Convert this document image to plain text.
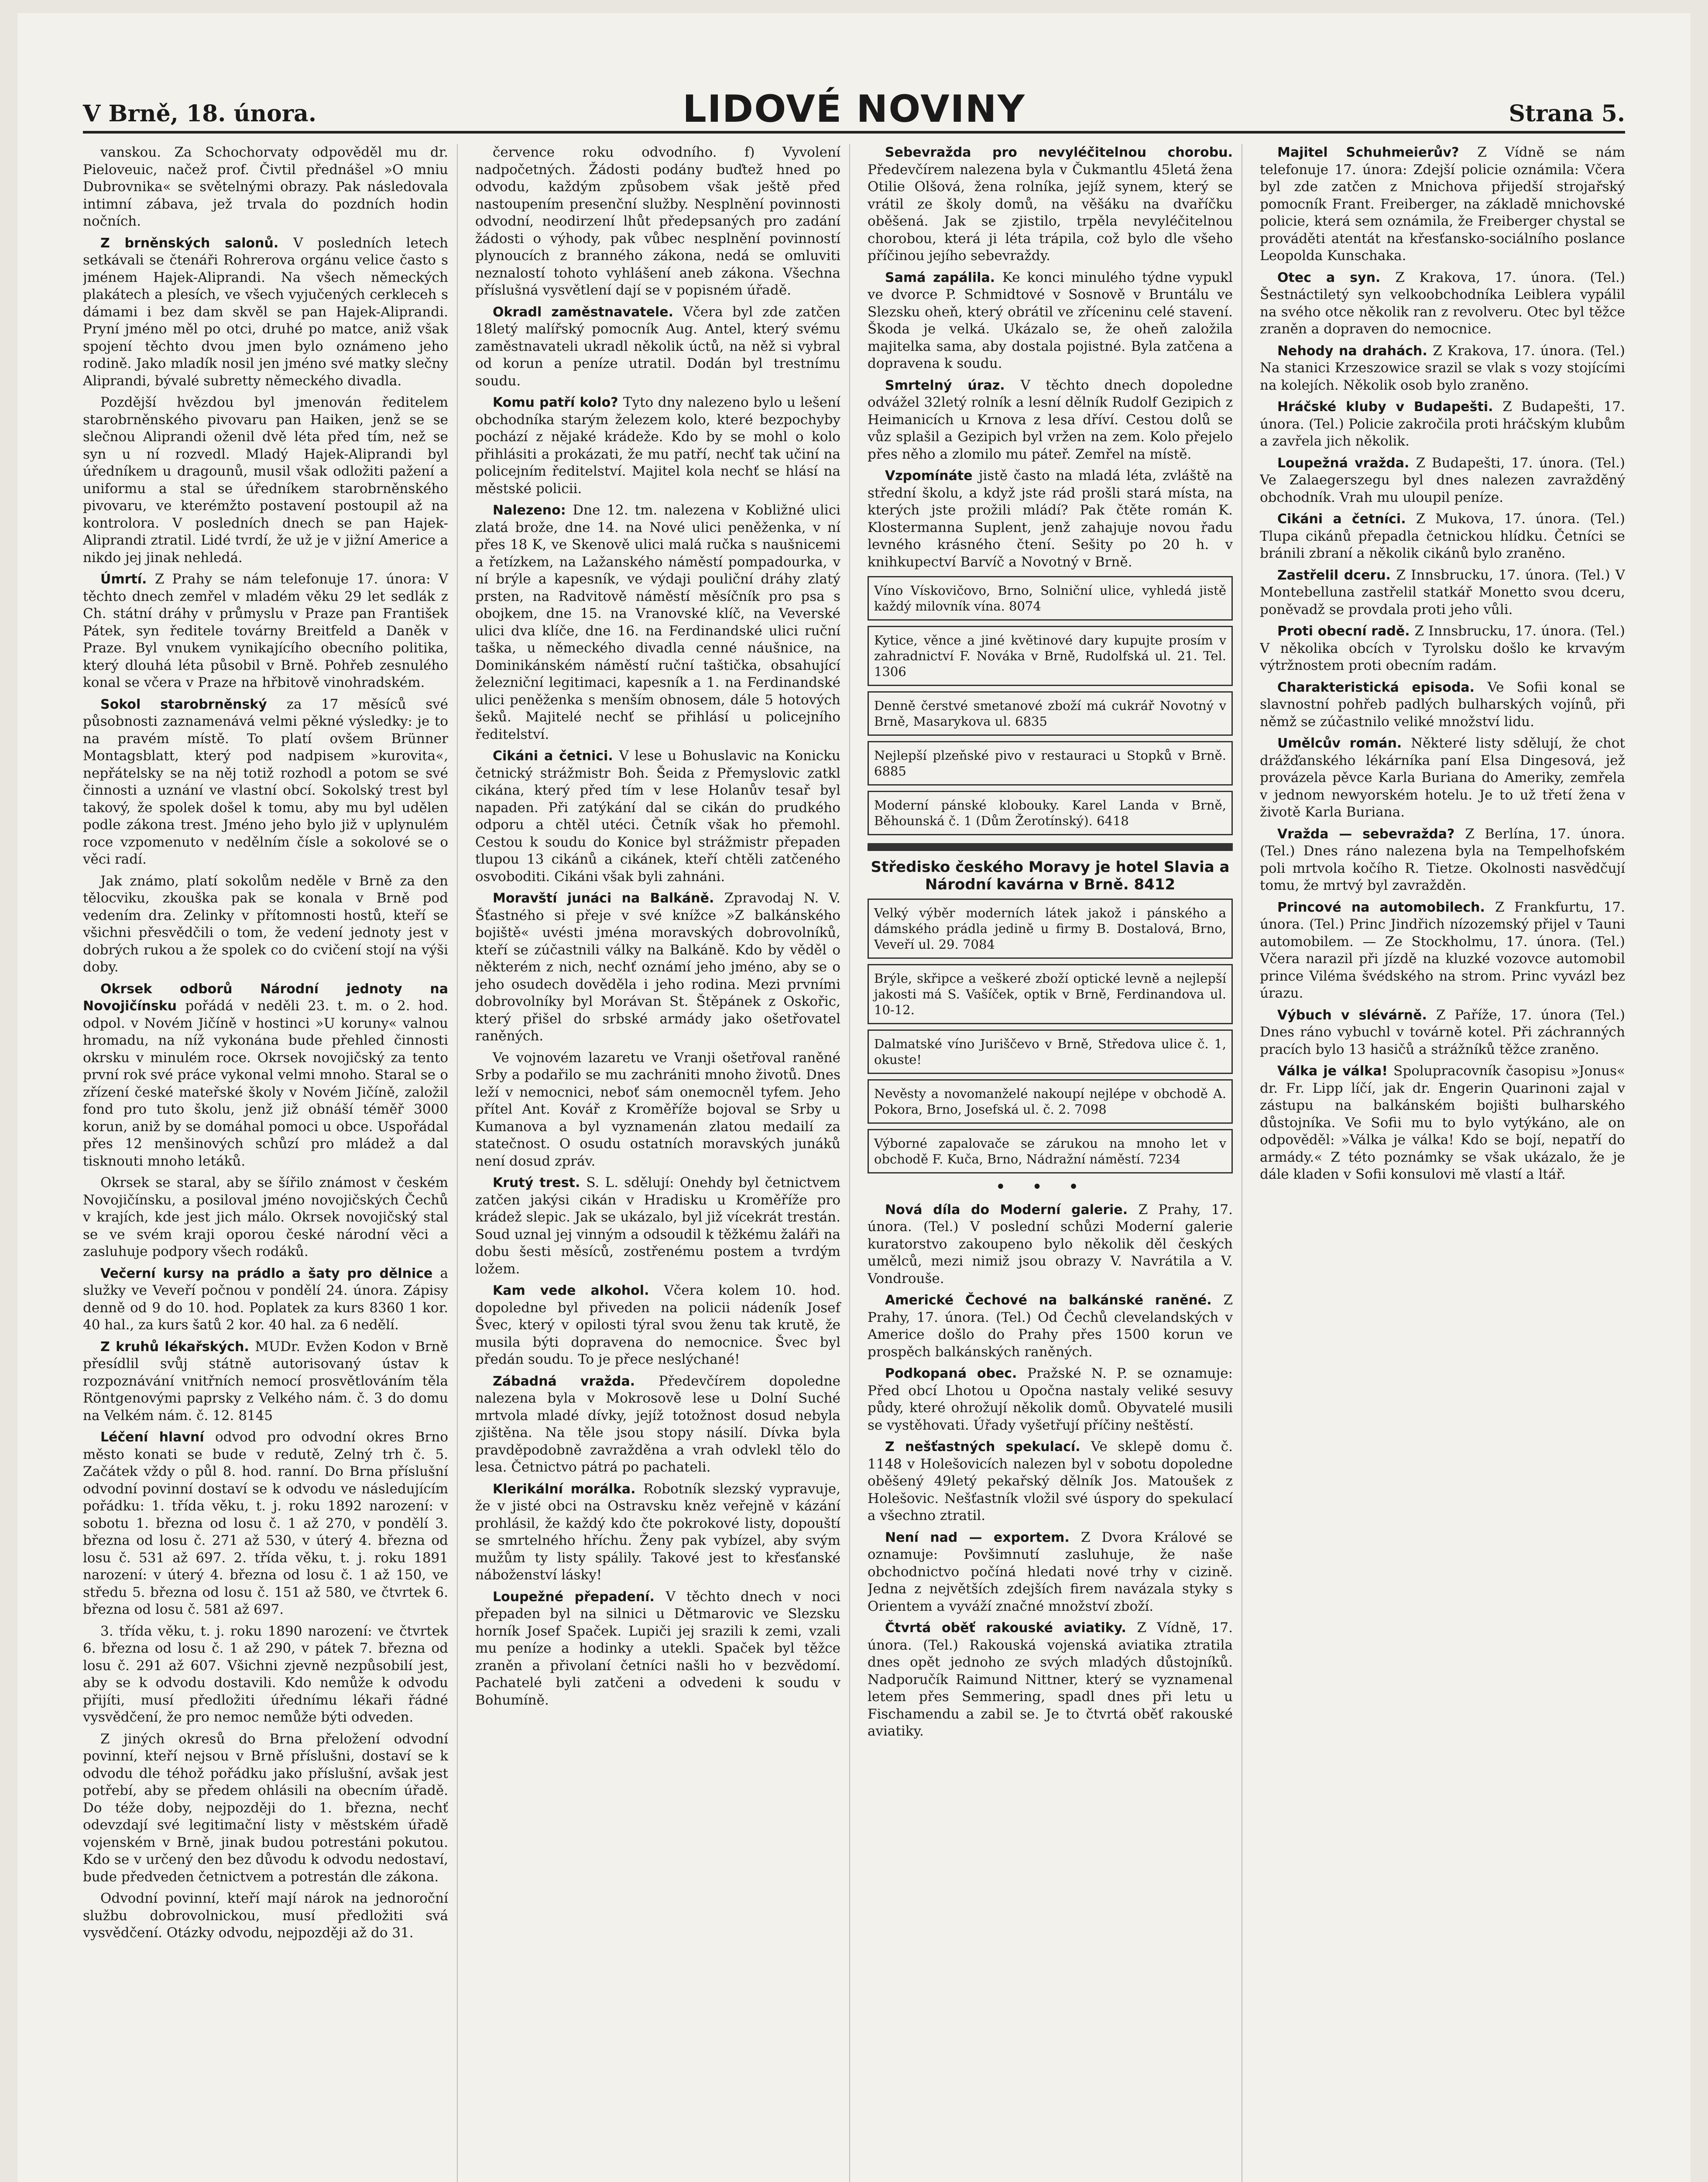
V Brně, 18. února.	LIDOVÉ NOVINY	Strana 5.

vanskou. Za Schochorvaty odpověděl mu dr. Pieloveuic, načež prof. Čivtil přednášel »O mniu Dubrovnika« se světelnými obrazy. Pak následovala intimní zábava, jež trvala do pozdních hodin nočních.

Z brněnských salonů. V posledních letech setkávali se čtenáři Rohrerova orgánu velice často s jménem Hajek-Aliprandi. Na všech německých plakátech a plesích, ve všech vyjučených cerkleceh s dámami i bez dam skvěl se pan Hajek-Aliprandi. Pryní jméno měl po otci, druhé po matce, aniž však spojení těchto dvou jmen bylo oznámeno jeho rodině. Jako mladík nosil jen jméno své matky slečny Aliprandi, bývalé subretty německého divadla.

Pozdější hvězdou byl jmenován ředitelem starobrněnského pivovaru pan Haiken, jenž se se slečnou Aliprandi oženil dvě léta před tím, než se syn u ní rozvedl. Mladý Hajek-Aliprandi byl úředníkem u dragounů, musil však odložiti pažení a uniformu a stal se úředníkem starobrněnského pivovaru, ve kterémžto postavení postoupil až na kontrolora. V posledních dnech se pan Hajek-Aliprandi ztratil. Lidé tvrdí, že už je v jižní Americe a nikdo jej jinak nehledá.

Úmrtí. Z Prahy se nám telefonuje 17. února: V těchto dnech zemřel v mladém věku 29 let sedlák z Ch. státní dráhy v průmyslu v Praze pan František Pátek, syn ředitele továrny Breitfeld a Daněk v Praze. Byl vnukem vynikajícího obecního politika, který dlouhá léta působil v Brně. Pohřeb zesnulého konal se včera v Praze na hřbitově vinohradském.

Sokol starobrněnský za 17 měsíců své působnosti zaznamenává velmi pěkné výsledky: je to na pravém místě. To platí ovšem Brünner Montagsblatt, který pod nadpisem »kurovita«, nepřátelsky se na něj totiž rozhodl a potom se své činnosti a uznání ve vlastní obcí. Sokolský trest byl takový, že spolek došel k tomu, aby mu byl udělen podle zákona trest. Jméno jeho bylo již v uplynulém roce vzpomenuto v nedělním čísle a sokolové se o věci radí.

Jak známo, platí sokolům neděle v Brně za den tělocviku, zkouška pak se konala v Brně pod vedením dra. Zelinky v přítomnosti hostů, kteří se všichni přesvědčili o tom, že vedení jednoty jest v dobrých rukou a že spolek co do cvičení stojí na výši doby.

Okrsek odborů Národní jednoty na Novojičínsku pořádá v neděli 23. t. m. o 2. hod. odpol. v Novém Jičíně v hostinci »U koruny« valnou hromadu, na níž vykonána bude přehled činnosti okrsku v minulém roce. Okrsek novojičský za tento první rok své práce vykonal velmi mnoho. Staral se o zřízení české mateřské školy v Novém Jičíně, založil fond pro tuto školu, jenž již obnáší téměř 3000 korun, aniž by se domáhal pomoci u obce. Uspořádal přes 12 menšinových schůzí pro mládež a dal tisknouti mnoho letáků.

Okrsek se staral, aby se šířilo známost v českém Novojičínsku, a posiloval jméno novojičských Čechů v krajích, kde jest jich málo. Okrsek novojičský stal se ve svém kraji oporou české národní věci a zasluhuje podpory všech rodáků.

Večerní kursy na prádlo a šaty pro dělnice a služky ve Veveří počnou v pondělí 24. února. Zápisy denně od 9 do 10. hod. Poplatek za kurs 8360 1 kor. 40 hal., za kurs šatů 2 kor. 40 hal. za 6 nedělí.

Z kruhů lékařských. MUDr. Evžen Kodon v Brně přesídlil svůj státně autorisovaný ústav k rozpoznávání vnitřních nemocí prosvětlováním těla Röntgenovými paprsky z Velkého nám. č. 3 do domu na Velkém nám. č. 12. 8145

Léčení hlavní odvod pro odvodní okres Brno město konati se bude v redutě, Zelný trh č. 5. Začátek vždy o půl 8. hod. ranní. Do Brna příslušní odvodní povinní dostaví se k odvodu ve následujícím pořádku: 1. třída věku, t. j. roku 1892 narození: v sobotu 1. března od losu č. 1 až 270, v pondělí 3. března od losu č. 271 až 530, v úterý 4. března od losu č. 531 až 697. 2. třída věku, t. j. roku 1891 narození: v úterý 4. března od losu č. 1 až 150, ve středu 5. března od losu č. 151 až 580, ve čtvrtek 6. března od losu č. 581 až 697.

3. třída věku, t. j. roku 1890 narození: ve čtvrtek 6. března od losu č. 1 až 290, v pátek 7. března od losu č. 291 až 607. Všichni zjevně nezpůsobilí jest, aby se k odvodu dostavili. Kdo nemůže k odvodu přijíti, musí předložiti úřednímu lékaři řádné vysvědčení, že pro nemoc nemůže býti odveden.

Z jiných okresů do Brna přeložení odvodní povinní, kteří nejsou v Brně příslušni, dostaví se k odvodu dle téhož pořádku jako příslušní, avšak jest potřebí, aby se předem ohlásili na obecním úřadě. Do téže doby, nejpozději do 1. března, nechť odevzdají své legitimační listy v městském úřadě vojenském v Brně, jinak budou potrestáni pokutou. Kdo se v určený den bez důvodu k odvodu nedostaví, bude předveden četnictvem a potrestán dle zákona.

Odvodní povinní, kteří mají nárok na jednoroční službu dobrovolnickou, musí předložiti svá vysvědčení. Otázky odvodu, nejpozději až do 31.

července roku odvodního. f) Vyvolení nadpočetných. Žádosti podány buďtež hned po odvodu, každým způsobem však ještě před nastoupením presenční služby. Nesplnění povinnosti odvodní, neodirzení lhůt předepsaných pro zadání žádosti o výhody, pak vůbec nesplnění povinností plynoucích z branného zákona, nedá se omluviti neznalostí tohoto vyhlášení aneb zákona. Všechna příslušná vysvětlení dají se v popisném úřadě.

Okradl zaměstnavatele. Včera byl zde zatčen 18letý malířský pomocník Aug. Antel, který svému zaměstnavateli ukradl několik úctů, na něž si vybral od korun a peníze utratil. Dodán byl trestnímu soudu.

Komu patří kolo? Tyto dny nalezeno bylo u lešení obchodníka starým železem kolo, které bezpochyby pochází z nějaké krádeže. Kdo by se mohl o kolo přihlásiti a prokázati, že mu patří, nechť tak učiní na policejním ředitelství. Majitel kola nechť se hlásí na městské policii.

Nalezeno: Dne 12. tm. nalezena v Kobližné ulici zlatá brože, dne 14. na Nové ulici peněženka, v ní přes 18 K, ve Skenově ulici malá ručka s naušnicemi a řetízkem, na Lažanského náměstí pompadourka, v ní brýle a kapesník, ve výdaji pouliční dráhy zlatý prsten, na Radvitově náměstí měsíčník pro psa s obojkem, dne 15. na Vranovské klíč, na Veverské ulici dva klíče, dne 16. na Ferdinandské ulici ruční taška, u německého divadla cenné náušnice, na Dominikánském náměstí ruční taštička, obsahující železniční legitimaci, kapesník a 1. na Ferdinandské ulici peněženka s menším obnosem, dále 5 hotových šeků. Majitelé nechť se přihlásí u policejního ředitelství.

Cikáni a četnici. V lese u Bohuslavic na Konicku četnický strážmistr Boh. Šeida z Přemyslovic zatkl cikána, který před tím v lese Holanův tesař byl napaden. Při zatýkání dal se cikán do prudkého odporu a chtěl utéci. Četník však ho přemohl. Cestou k soudu do Konice byl strážmistr přepaden tlupou 13 cikánů a cikánek, kteří chtěli zatčeného osvoboditi. Cikáni však byli zahnáni.

Moravští junáci na Balkáně. Zpravodaj N. V. Šťastného si přeje v své knížce »Z balkánského bojiště« uvésti jména moravských dobrovolníků, kteří se zúčastnili války na Balkáně. Kdo by věděl o některém z nich, nechť oznámí jeho jméno, aby se o jeho osudech dověděla i jeho rodina. Mezi prvními dobrovolníky byl Morávan St. Štěpánek z Oskořic, který přišel do srbské armády jako ošetřovatel raněných.

Ve vojnovém lazaretu ve Vranji ošetřoval raněné Srby a podařilo se mu zachrániti mnoho životů. Dnes leží v nemocnici, neboť sám onemocněl tyfem. Jeho přítel Ant. Kovář z Kroměříže bojoval se Srby u Kumanova a byl vyznamenán zlatou medailí za statečnost. O osudu ostatních moravských junáků není dosud zpráv.

Krutý trest. S. L. sdělují: Onehdy byl četnictvem zatčen jakýsi cikán v Hradisku u Kroměříže pro krádež slepic. Jak se ukázalo, byl již vícekrát trestán. Soud uznal jej vinným a odsoudil k těžkému žaláři na dobu šesti měsíců, zostřenému postem a tvrdým ložem.

Kam vede alkohol. Včera kolem 10. hod. dopoledne byl přiveden na policii nádeník Josef Švec, který v opilosti týral svou ženu tak krutě, že musila býti dopravena do nemocnice. Švec byl předán soudu. To je přece neslýchané!

Zábadná vražda. Předevčírem dopoledne nalezena byla v Mokrosově lese u Dolní Suché mrtvola mladé dívky, jejíž totožnost dosud nebyla zjištěna. Na těle jsou stopy násilí. Dívka byla pravděpodobně zavražděna a vrah odvlekl tělo do lesa. Četnictvo pátrá po pachateli.

Klerikální morálka. Robotník slezský vypravuje, že v jisté obci na Ostravsku kněz veřejně v kázání prohlásil, že každý kdo čte pokrokové listy, dopouští se smrtelného hříchu. Ženy pak vybízel, aby svým mužům ty listy spálily. Takové jest to křesťanské náboženství lásky!

Loupežné přepadení. V těchto dnech v noci přepaden byl na silnici u Dětmarovic ve Slezsku horník Josef Spaček. Lupiči jej srazili k zemi, vzali mu peníze a hodinky a utekli. Spaček byl těžce zraněn a přivolaní četníci našli ho v bezvědomí. Pachatelé byli zatčeni a odvedeni k soudu v Bohumíně.

Sebevražda pro nevyléčitelnou chorobu. Předevčírem nalezena byla v Čukmantlu 45letá žena Otilie Olšová, žena rolníka, jejíž synem, který se vrátil ze školy domů, na věšáku na dvaříčku oběšená. Jak se zjistilo, trpěla nevyléčitelnou chorobou, která ji léta trápila, což bylo dle všeho příčinou jejího sebevraždy.

Samá zapálila. Ke konci minulého týdne vypukl ve dvorce P. Schmidtové v Sosnově v Bruntálu ve Slezsku oheň, který obrátil ve zříceninu celé stavení. Škoda je velká. Ukázalo se, že oheň založila majitelka sama, aby dostala pojistné. Byla zatčena a dopravena k soudu.

Smrtelný úraz. V těchto dnech dopoledne odvážel 32letý rolník a lesní dělník Rudolf Gezipich z Heimanicích u Krnova z lesa dříví. Cestou dolů se vůz splašil a Gezipich byl vržen na zem. Kolo přejelo přes něho a zlomilo mu páteř. Zemřel na místě.

Vzpomínáte jistě často na mladá léta, zvláště na střední školu, a když jste rád prošli stará místa, na kterých jste prožili mládí? Pak čtěte román K. Klostermanna Suplent, jenž zahajuje novou řadu levného krásného čtení. Sešity po 20 h. v knihkupectví Barvíč a Novotný v Brně.

Víno Vískovičovo, Brno, Solniční ulice, vyhledá jistě každý milovník vína. 8074
Kytice, věnce a jiné květinové dary kupujte prosím v zahradnictví F. Nováka v Brně, Rudolfská ul. 21. Tel. 1306
Denně čerstvé smetanové zboží má cukrář Novotný v Brně, Masarykova ul. 6835
Nejlepší plzeňské pivo v restauraci u Stopků v Brně. 6885
Moderní pánské klobouky. Karel Landa v Brně, Běhounská č. 1 (Dům Žerotínský). 6418

Středisko českého Moravy je hotel Slavia a Národní kavárna v Brně. 8412

Velký výběr moderních látek jakož i pánského a dámského prádla jedině u firmy B. Dostalová, Brno, Veveří ul. 29. 7084
Brýle, skřipce a veškeré zboží optické levně a nejlepší jakosti má S. Vašíček, optik v Brně, Ferdinandova ul. 10-12.
Dalmatské víno Juriščevo v Brně, Středova ulice č. 1, okuste!
Nevěsty a novomanželé nakoupí nejlépe v obchodě A. Pokora, Brno, Josefská ul. č. 2. 7098
Výborné zapalovače se zárukou na mnoho let v obchodě F. Kuča, Brno, Nádražní náměstí. 7234
•••

Nová díla do Moderní galerie. Z Prahy, 17. února. (Tel.) V poslední schůzi Moderní galerie kuratorstvo zakoupeno bylo několik děl českých umělců, mezi nimiž jsou obrazy V. Navrátila a V. Vondrouše.

Americké Čechové na balkánské raněné. Z Prahy, 17. února. (Tel.) Od Čechů clevelandských v Americe došlo do Prahy přes 1500 korun ve prospěch balkánských raněných.

Podkopaná obec. Pražské N. P. se oznamuje: Před obcí Lhotou u Opočna nastaly veliké sesuvy půdy, které ohrožují několik domů. Obyvatelé musili se vystěhovati. Úřady vyšetřují příčiny neštěstí.

Z nešťastných spekulací. Ve sklepě domu č. 1148 v Holešovicích nalezen byl v sobotu dopoledne oběšený 49letý pekařský dělník Jos. Matoušek z Holešovic. Nešťastník vložil své úspory do spekulací a všechno ztratil.

Není nad — exportem. Z Dvora Králové se oznamuje: Povšimnutí zasluhuje, že naše obchodnictvo počíná hledati nové trhy v cizině. Jedna z největších zdejších firem navázala styky s Orientem a vyváží značné množství zboží.

Čtvrtá oběť rakouské aviatiky. Z Vídně, 17. února. (Tel.) Rakouská vojenská aviatika ztratila dnes opět jednoho ze svých mladých důstojníků. Nadporučík Raimund Nittner, který se vyznamenal letem přes Semmering, spadl dnes při letu u Fischamendu a zabil se. Je to čtvrtá oběť rakouské aviatiky.

Majitel Schuhmeierův? Z Vídně se nám telefonuje 17. února: Zdejší policie oznámila: Včera byl zde zatčen z Mnichova přijedší strojařský pomocník Frant. Freiberger, na základě mnichovské policie, která sem oznámila, že Freiberger chystal se prováděti atentát na křesťansko-sociálního poslance Leopolda Kunschaka.

Otec a syn. Z Krakova, 17. února. (Tel.) Šestnáctiletý syn velkoobchodníka Leiblera vypálil na svého otce několik ran z revolveru. Otec byl těžce zraněn a dopraven do nemocnice.

Nehody na drahách. Z Krakova, 17. února. (Tel.) Na stanici Krzeszowice srazil se vlak s vozy stojícími na kolejích. Několik osob bylo zraněno.

Hráčské kluby v Budapešti. Z Budapešti, 17. února. (Tel.) Policie zakročila proti hráčským klubům a zavřela jich několik.

Loupežná vražda. Z Budapešti, 17. února. (Tel.) Ve Zalaegerszegu byl dnes nalezen zavražděný obchodník. Vrah mu uloupil peníze.

Cikáni a četníci. Z Mukova, 17. února. (Tel.) Tlupa cikánů přepadla četnickou hlídku. Četníci se bránili zbraní a několik cikánů bylo zraněno.

Zastřelil dceru. Z Innsbrucku, 17. února. (Tel.) V Montebelluna zastřelil statkář Monetto svou dceru, poněvadž se provdala proti jeho vůli.

Proti obecní radě. Z Innsbrucku, 17. února. (Tel.) V několika obcích v Tyrolsku došlo ke krvavým výtržnostem proti obecním radám.

Charakteristická episoda. Ve Sofii konal se slavnostní pohřeb padlých bulharských vojínů, při němž se zúčastnilo veliké množství lidu.

Umělcův román. Některé listy sdělují, že chot drážďanského lékárníka paní Elsa Dingesová, jež provázela pěvce Karla Buriana do Ameriky, zemřela v jednom newyorském hotelu. Je to už třetí žena v životě Karla Buriana.

Vražda — sebevražda? Z Berlína, 17. února. (Tel.) Dnes ráno nalezena byla na Tempelhofském poli mrtvola kočího R. Tietze. Okolnosti nasvědčují tomu, že mrtvý byl zavražděn.

Princové na automobilech. Z Frankfurtu, 17. února. (Tel.) Princ Jindřich nízozemský přijel v Tauni automobilem. — Ze Stockholmu, 17. února. (Tel.) Včera narazil při jízdě na kluzké vozovce automobil prince Viléma švédského na strom. Princ vyvázl bez úrazu.

Výbuch v slévárně. Z Paříže, 17. února (Tel.) Dnes ráno vybuchl v továrně kotel. Při záchranných pracích bylo 13 hasičů a strážníků těžce zraněno.

Válka je válka! Spolupracovník časopisu »Jonus« dr. Fr. Lipp líčí, jak dr. Engerin Quarinoni zajal v zástupu na balkánském bojišti bulharského důstojníka. Ve Sofii mu to bylo vytýkáno, ale on odpověděl: »Válka je válka! Kdo se bojí, nepatří do armády.« Z této poznámky se však ukázalo, že je dále kladen v Sofii konsulovi mě vlastí a ltář.
